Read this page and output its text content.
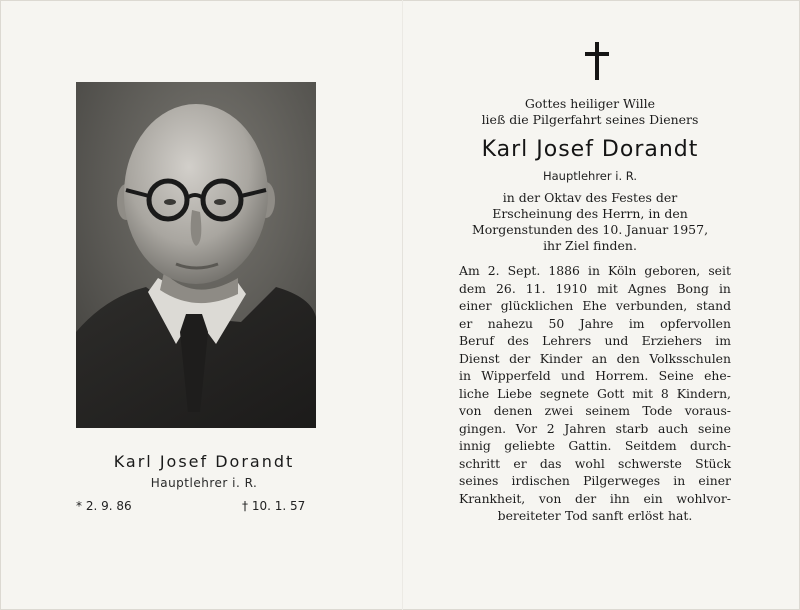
Karl Josef Dorandt
Hauptlehrer i. R.
* 2. 9. 86	† 10. 1. 57

Gottes heiliger Wille
ließ die Pilgerfahrt seines Dieners

Karl Josef Dorandt
Hauptlehrer i. R.

in der Oktav des Festes der
Erscheinung des Herrn, in den
Morgenstunden des 10. Januar 1957,
ihr Ziel finden.

Am 2. Sept. 1886 in Köln geboren, seit
dem 26. 11. 1910 mit Agnes Bong in
einer glücklichen Ehe verbunden, stand
er nahezu 50 Jahre im opfervollen
Beruf des Lehrers und Erziehers im
Dienst der Kinder an den Volksschulen
in Wipperfeld und Horrem. Seine ehe-
liche Liebe segnete Gott mit 8 Kindern,
von denen zwei seinem Tode voraus-
gingen. Vor 2 Jahren starb auch seine
innig geliebte Gattin. Seitdem durch-
schritt er das wohl schwerste Stück
seines irdischen Pilgerweges in einer
Krankheit, von der ihn ein wohlvor-
bereiteter Tod sanft erlöst hat.
